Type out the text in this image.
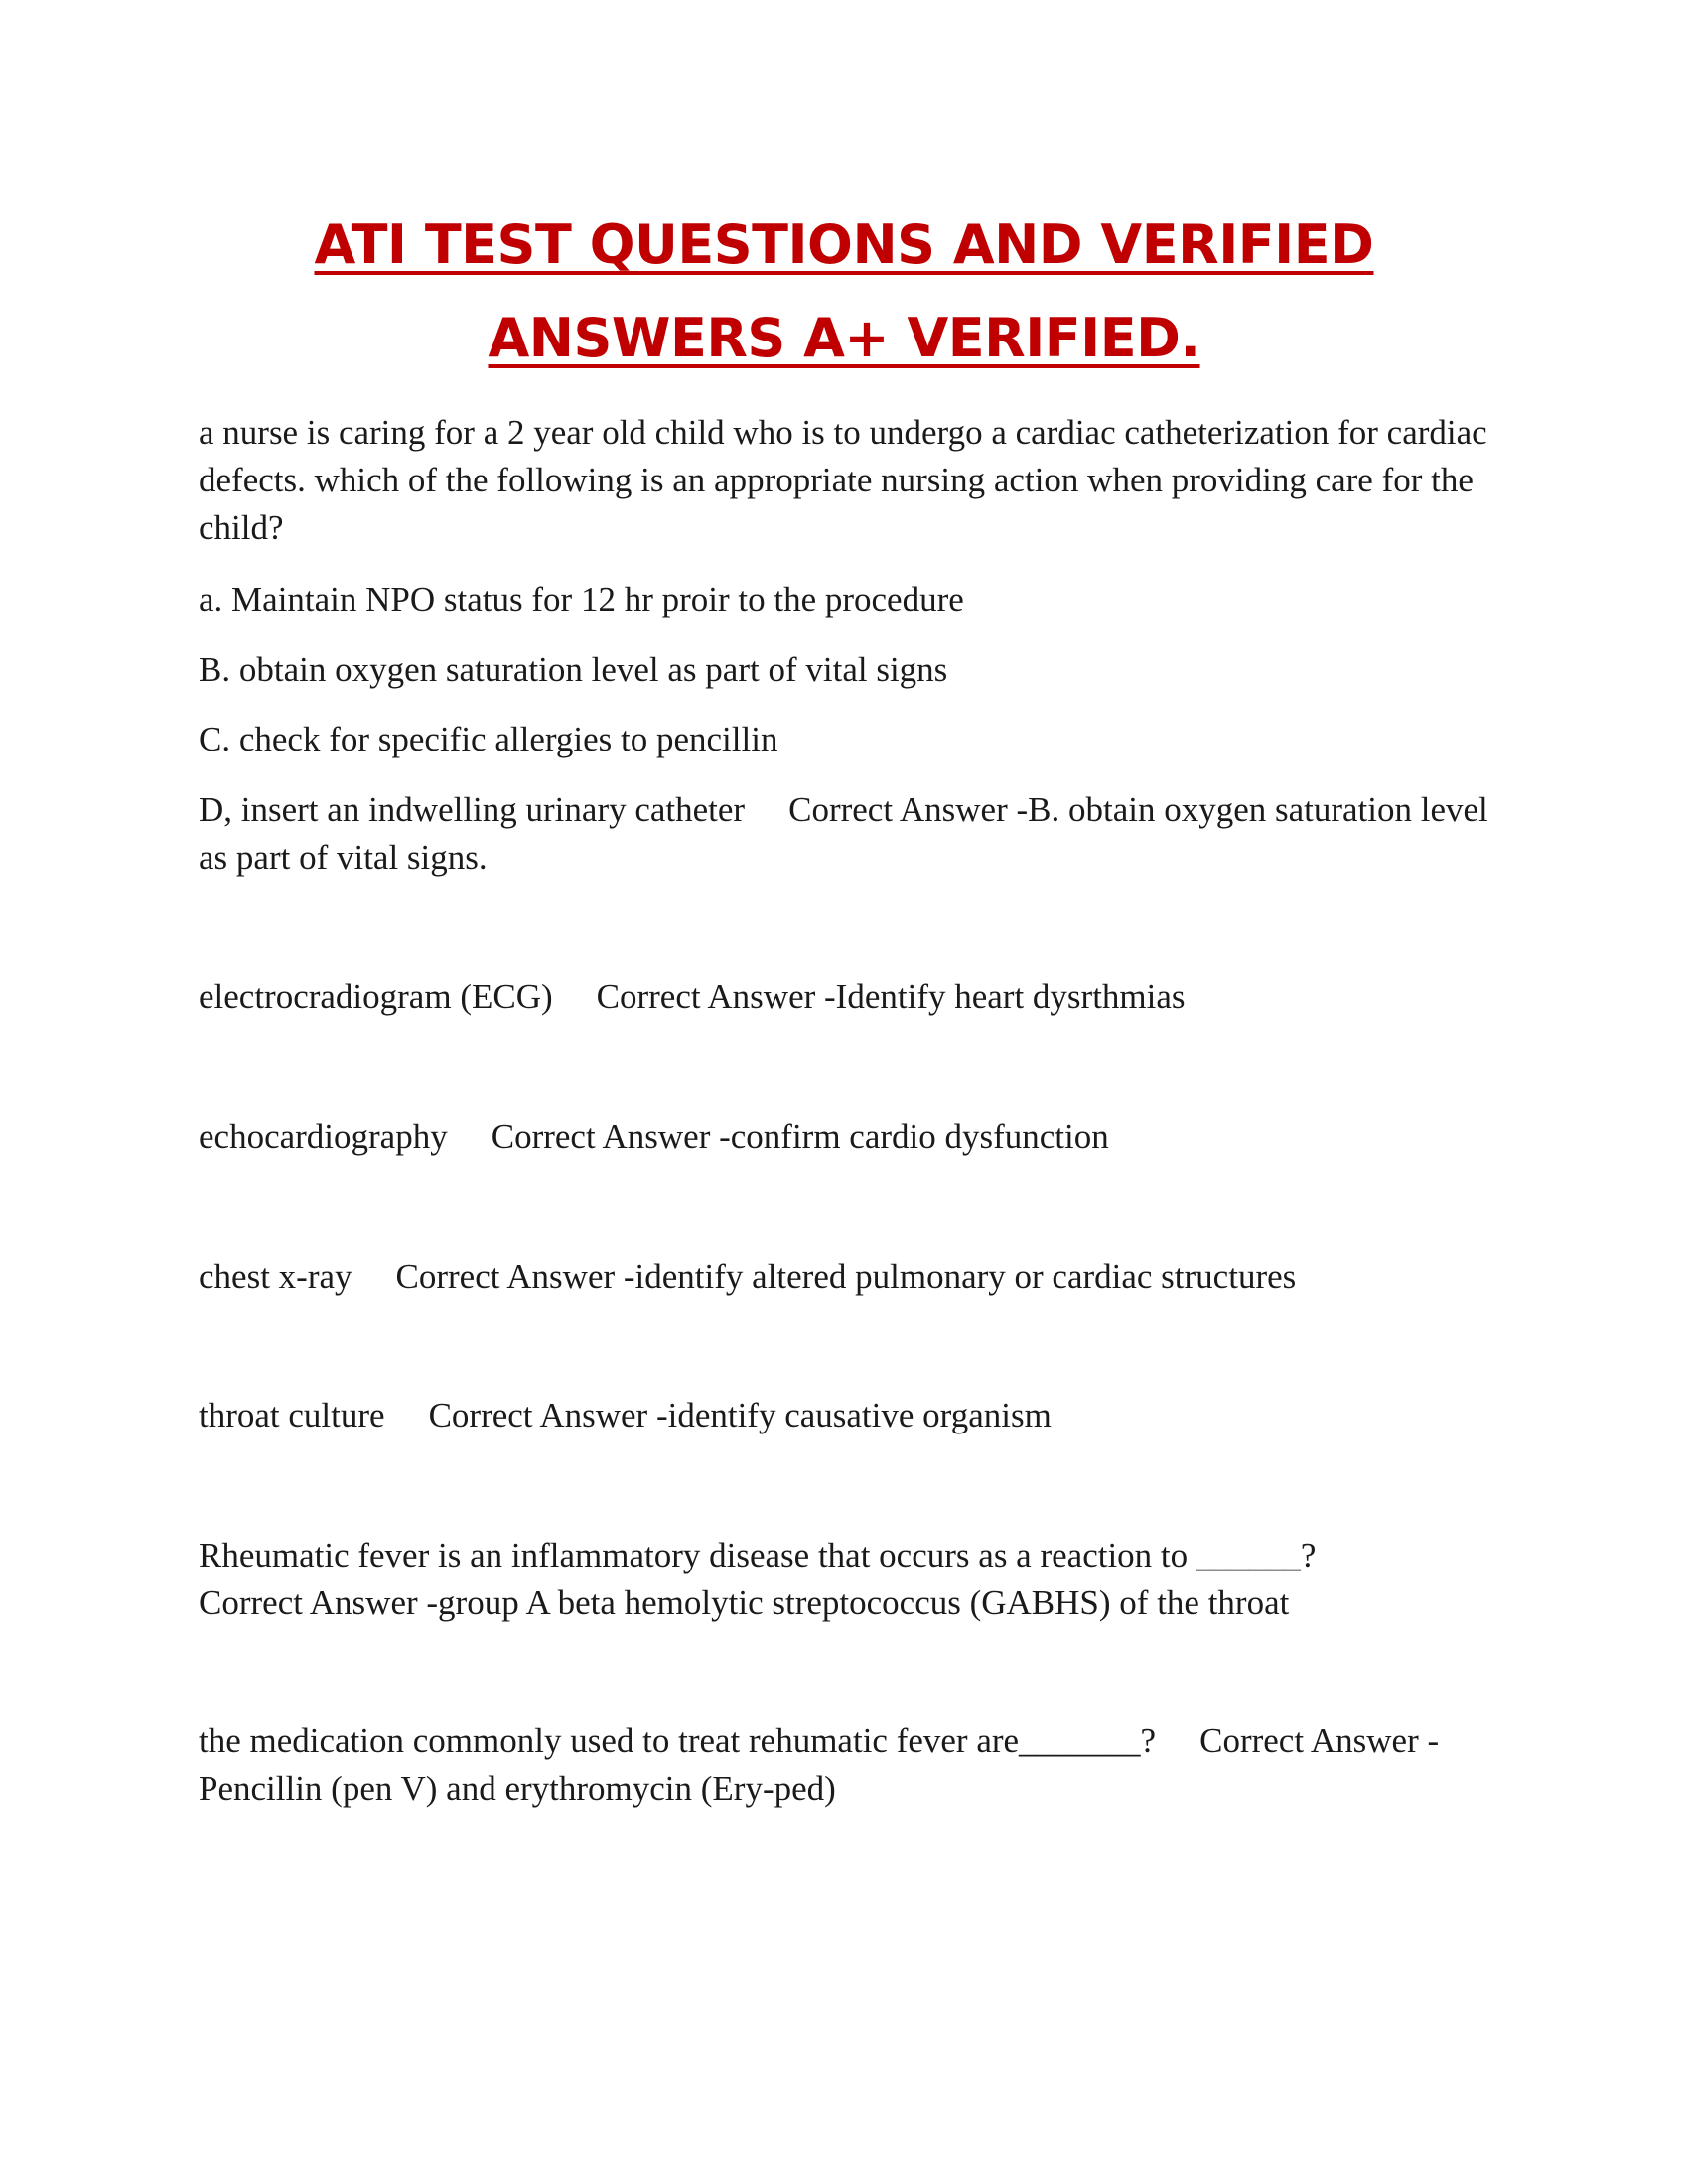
ATI TEST QUESTIONS AND VERIFIED
ANSWERS A+ VERIFIED.

a nurse is caring for a 2 year old child who is to undergo a cardiac catheterization for cardiac defects. which of the following is an appropriate nursing action when providing care for the child?

a. Maintain NPO status for 12 hr proir to the procedure

B. obtain oxygen saturation level as part of vital signs

C. check for specific allergies to pencillin

D, insert an indwelling urinary catheter Correct Answer -B. obtain oxygen saturation level as part of vital signs.

electrocradiogram (ECG) Correct Answer -Identify heart dysrthmias

echocardiography Correct Answer -confirm cardio dysfunction

chest x-ray Correct Answer -identify altered pulmonary or cardiac structures

throat culture Correct Answer -identify causative organism

Rheumatic fever is an inflammatory disease that occurs as a reaction to ______?
Correct Answer -group A beta hemolytic streptococcus (GABHS) of the throat

the medication commonly used to treat rehumatic fever are_______? Correct Answer -Pencillin (pen V) and erythromycin (Ery-ped)
